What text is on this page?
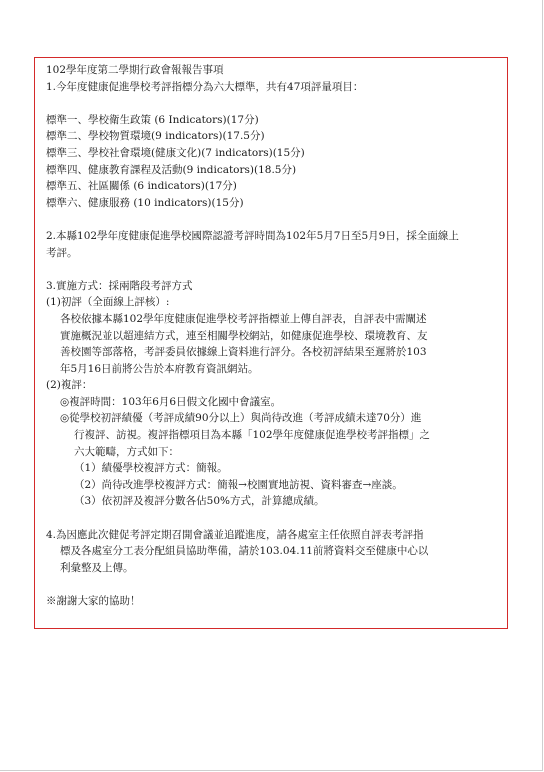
102學年度第二學期行政會報報告事項
1.今年度健康促進學校考評指標分為六大標準，共有47項評量項目：
標準一、學校衛生政策 (6 Indicators)(17分)
標準二、學校物質環境(9 indicators)(17.5分)
標準三、學校社會環境(健康文化)(7 indicators)(15分)
標準四、健康教育課程及活動(9 indicators)(18.5分)
標準五、社區關係 (6 indicators)(17分)
標準六、健康服務 (10 indicators)(15分)
2.本縣102學年度健康促進學校國際認證考評時間為102年5月7日至5月9日，採全面線上
考評。
3.實施方式：採兩階段考評方式
(1)初評（全面線上評核）:
各校依據本縣102學年度健康促進學校考評指標並上傳自評表，自評表中需闡述
實施概況並以超連結方式，連至相關學校網站，如健康促進學校、環境教育、友
善校園等部落格，考評委員依據線上資料進行評分。各校初評結果至遲將於103
年5月16日前將公告於本府教育資訊網站。
(2)複評：
◎複評時間：103年6月6日假文化國中會議室。
◎從學校初評績優（考評成績90分以上）與尚待改進（考評成績未達70分）進
行複評、訪視。複評指標項目為本縣「102學年度健康促進學校考評指標」之
六大範疇，方式如下：
（1）績優學校複評方式：簡報。
（2）尚待改進學校複評方式：簡報→校園實地訪視、資料審查→座談。
（3）依初評及複評分數各佔50%方式，計算總成績。
4.為因應此次健促考評定期召開會議並追蹤進度，請各處室主任依照自評表考評指
標及各處室分工表分配組員協助準備，請於103.04.11前將資料交至健康中心以
利彙整及上傳。
※謝謝大家的協助！
